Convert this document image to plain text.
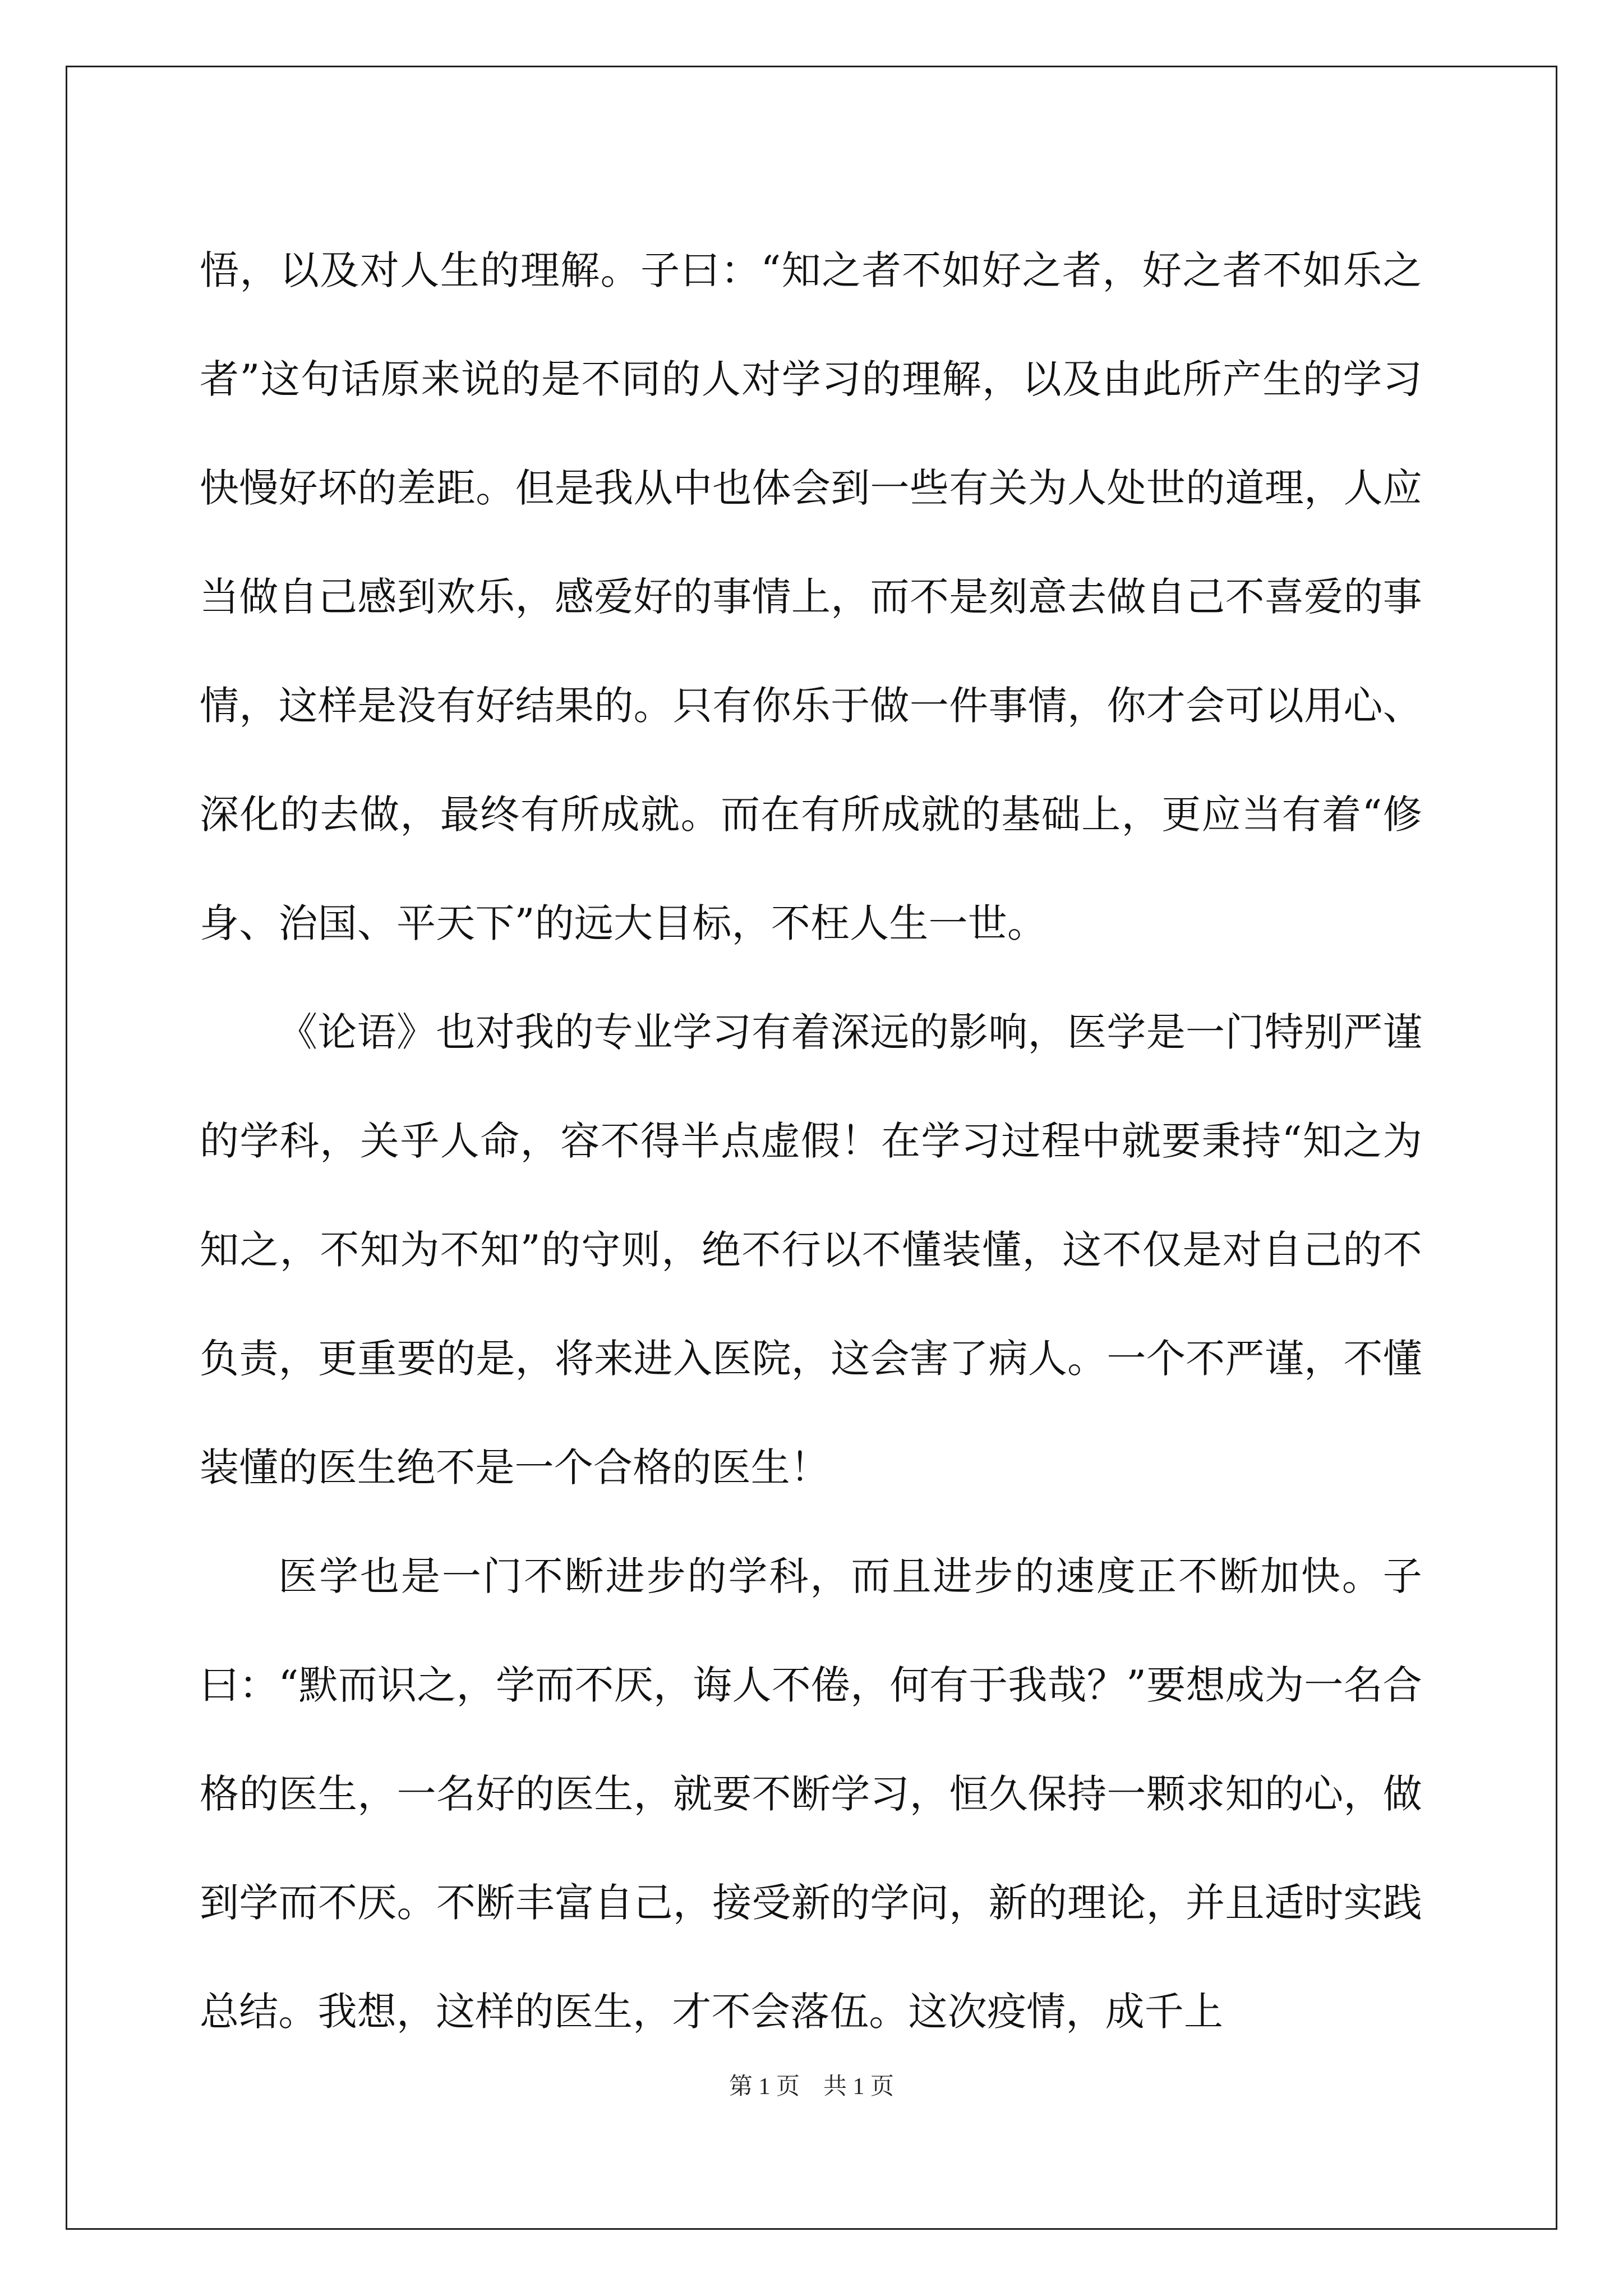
悟，以及对人生的理解。子曰：“知之者不如好之者，好之者不如乐之者”这句话原来说的是不同的人对学习的理解，以及由此所产生的学习快慢好坏的差距。但是我从中也体会到一些有关为人处世的道理，人应当做自己感到欢乐，感爱好的事情上，而不是刻意去做自己不喜爱的事情，这样是没有好结果的。只有你乐于做一件事情，你才会可以用心、深化的去做，最终有所成就。而在有所成就的基础上，更应当有着“修身、治国、平天下”的远大目标，不枉人生一世。

《论语》也对我的专业学习有着深远的影响，医学是一门特别严谨的学科，关乎人命，容不得半点虚假！在学习过程中就要秉持“知之为知之，不知为不知”的守则，绝不行以不懂装懂，这不仅是对自己的不负责，更重要的是，将来进入医院，这会害了病人。一个不严谨，不懂装懂的医生绝不是一个合格的医生！

医学也是一门不断进步的学科，而且进步的速度正不断加快。子曰：“默而识之，学而不厌，诲人不倦，何有于我哉？”要想成为一名合格的医生，一名好的医生，就要不断学习，恒久保持一颗求知的心，做到学而不厌。不断丰富自己，接受新的学问，新的理论，并且适时实践总结。我想，这样的医生，才不会落伍。这次疫情，成千上

第 1 页    共 1 页
